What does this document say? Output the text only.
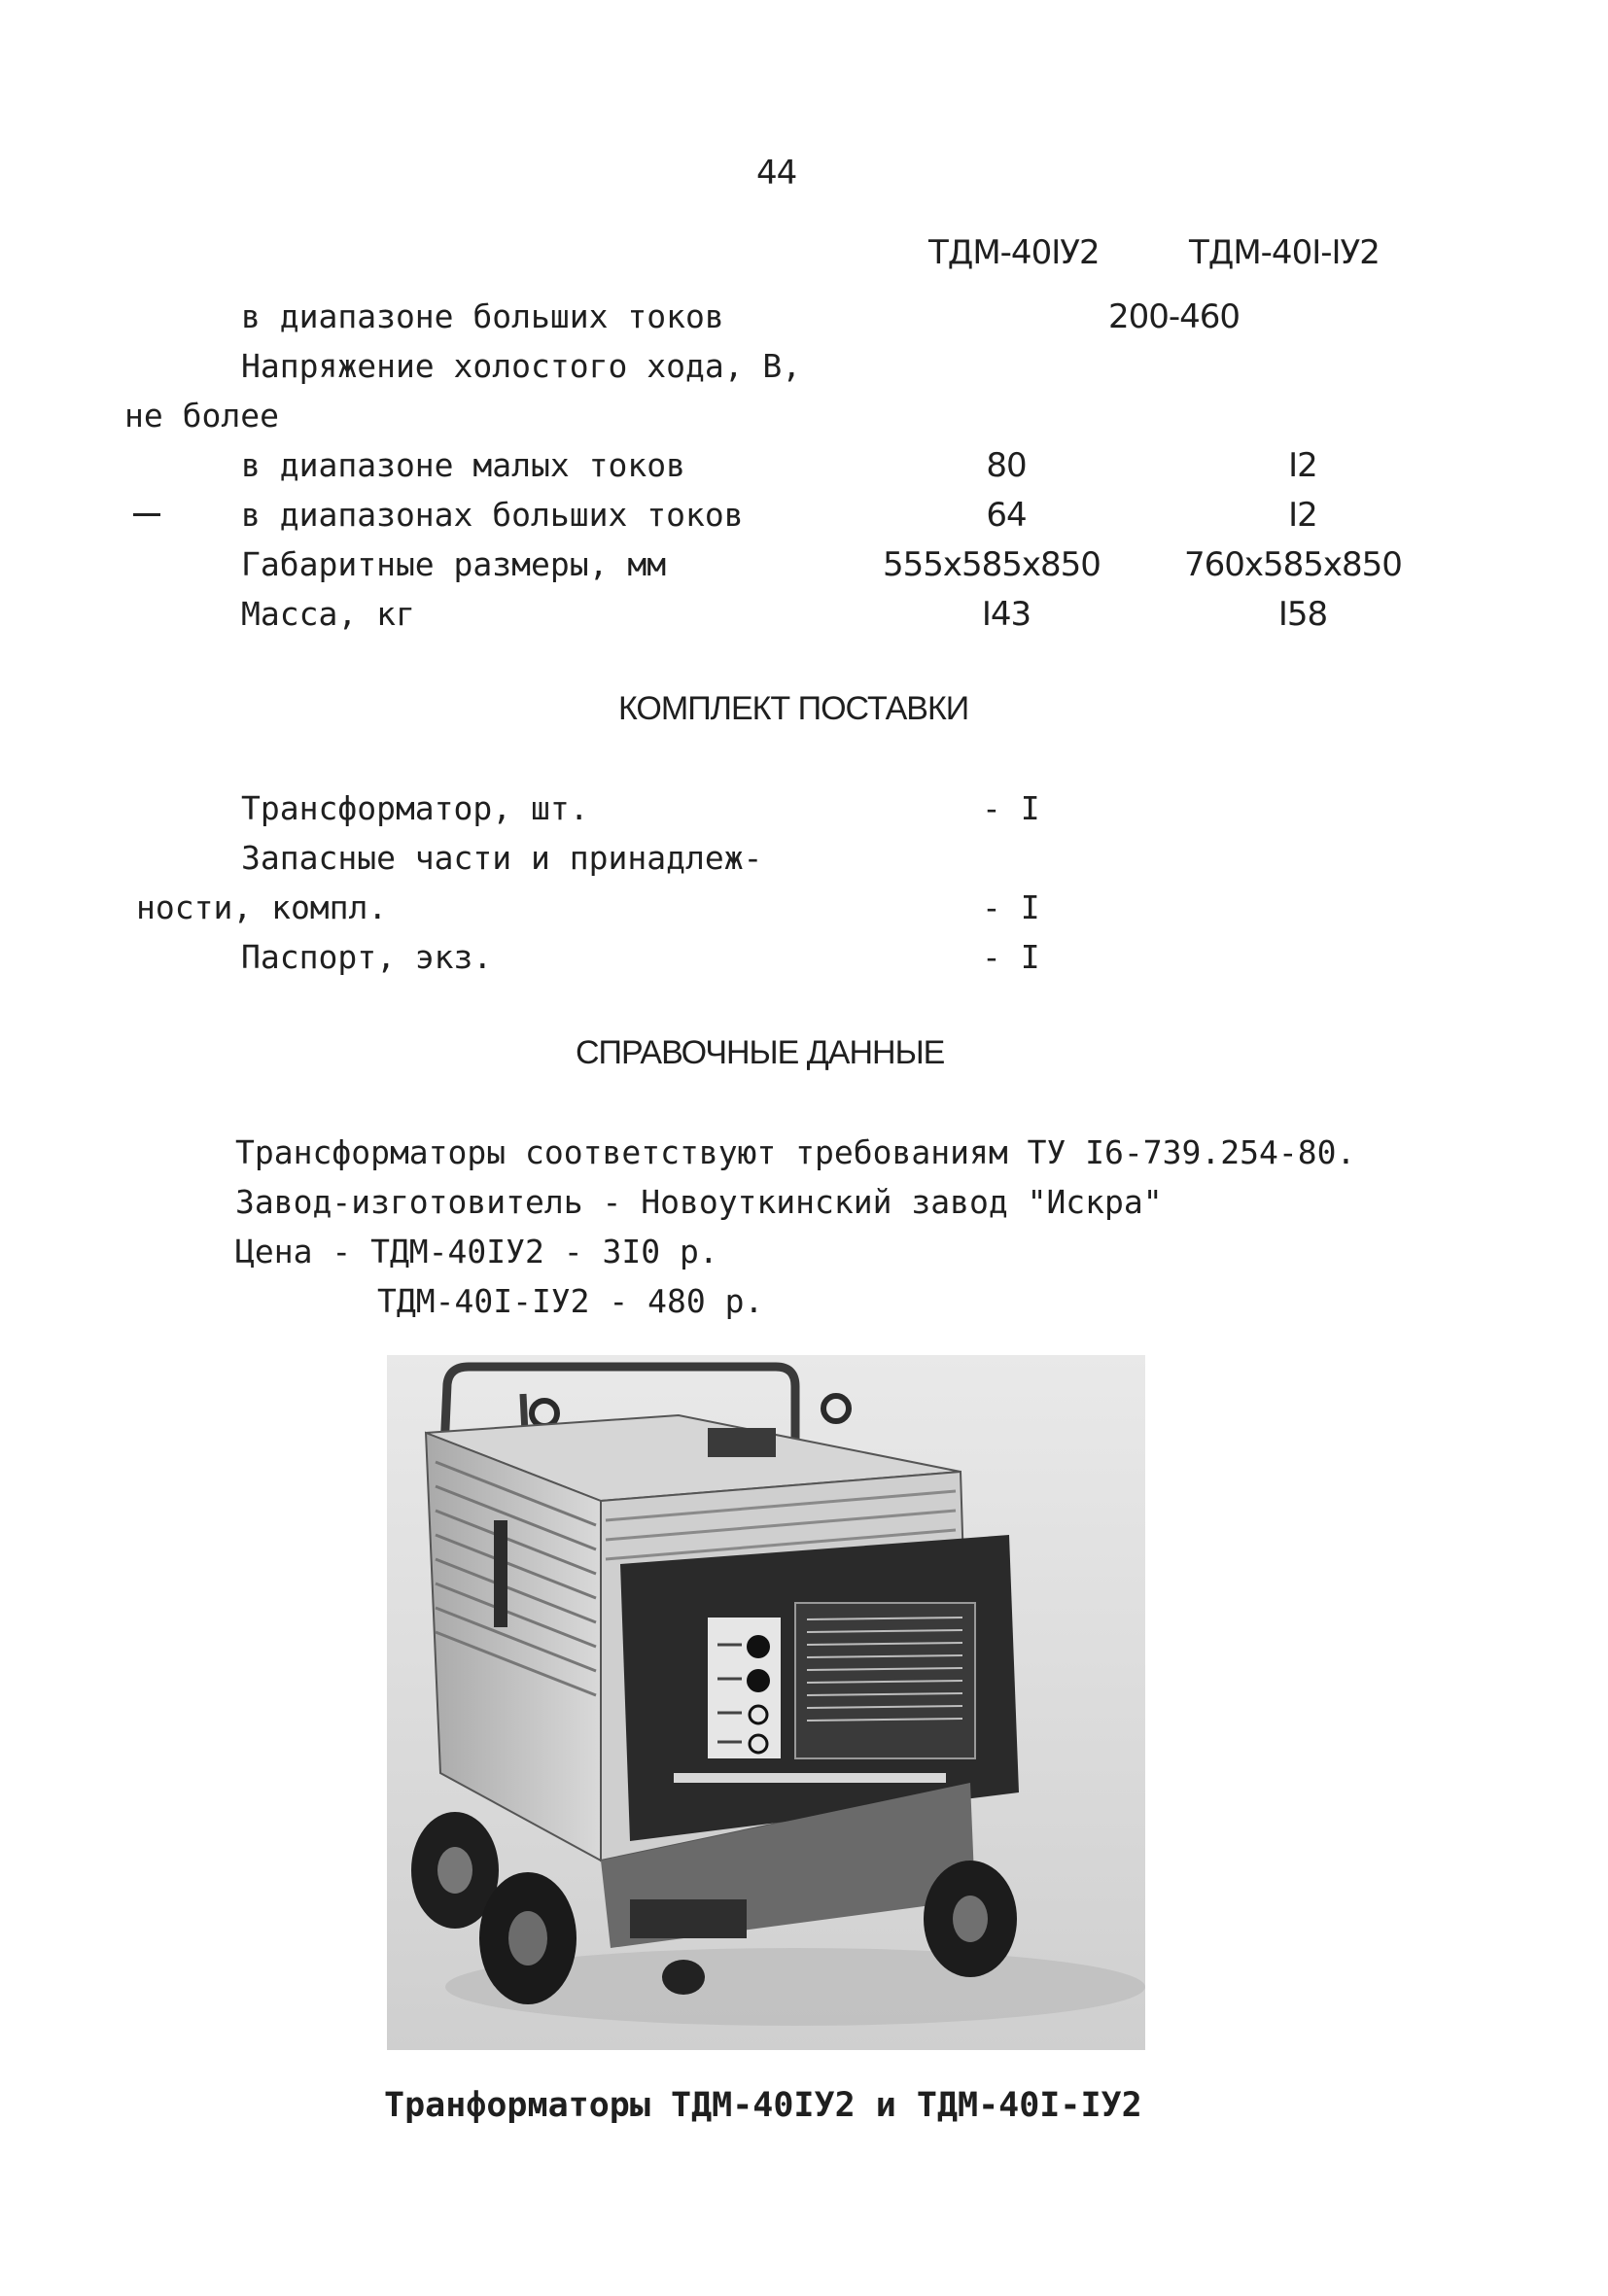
44
ТДМ-40IУ2	ТДМ-40I-IУ2
в диапазоне больших токов	200-460
Напряжение холостого хода, В,
не более
в диапазоне малых токов	80	I2
в диапазонах больших токов	64	I2
Габаритные размеры, мм	555х585х850	760х585х850
Масса, кг	I43	I58
КОМПЛЕКТ ПОСТАВКИ
Трансформатор, шт.	- I
Запасные части и принадлеж-
ности, компл.	- I
Паспорт, экз.	- I
СПРАВОЧНЫЕ ДАННЫЕ
Трансформаторы соответствуют требованиям ТУ I6-739.254-80.
Завод-изготовитель - Новоуткинский завод "Искра"
Цена - ТДМ-40IУ2 - 3I0 р.
ТДМ-40I-IУ2 - 480 р.
Транформаторы ТДМ-40IУ2 и ТДМ-40I-IУ2
